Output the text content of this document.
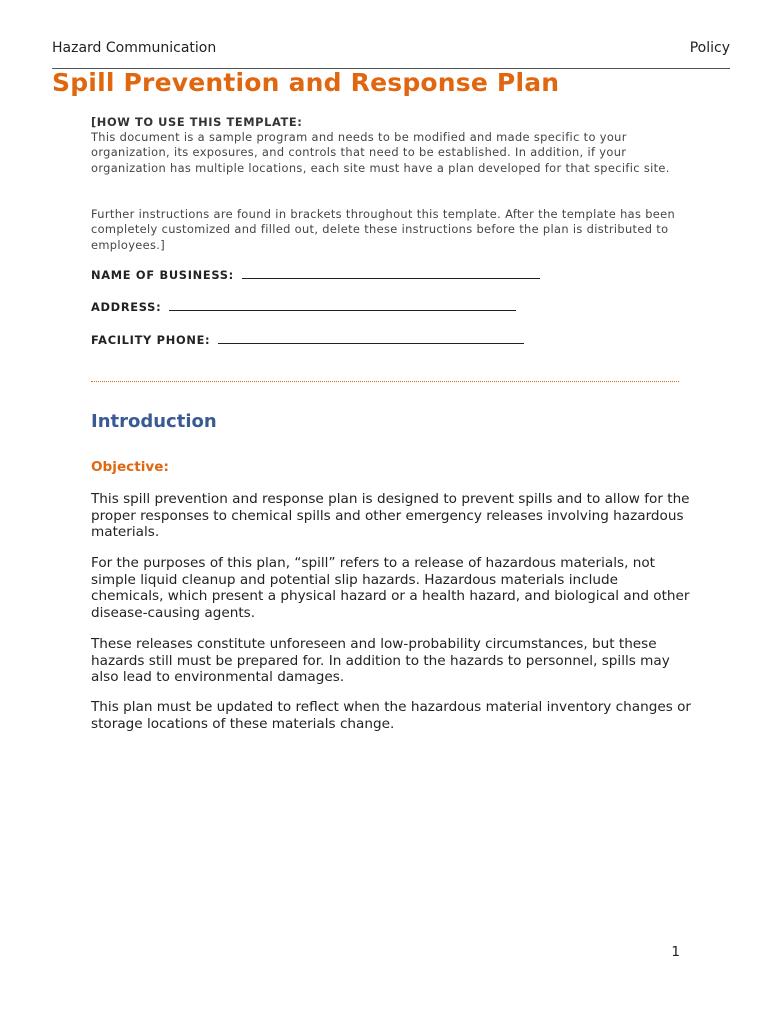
Hazard Communication	Policy
Spill Prevention and Response Plan
[HOW TO USE THIS TEMPLATE:
This document is a sample program and needs to be modified and made specific to your organization, its exposures, and controls that need to be established. In addition, if your organization has multiple locations, each site must have a plan developed for that specific site.
Further instructions are found in brackets throughout this template. After the template has been completely customized and filled out, delete these instructions before the plan is distributed to employees.]
NAME OF BUSINESS:
ADDRESS:
FACILITY PHONE:
Introduction
Objective:
This spill prevention and response plan is designed to prevent spills and to allow for the proper responses to chemical spills and other emergency releases involving hazardous materials.
For the purposes of this plan, “spill” refers to a release of hazardous materials, not simple liquid cleanup and potential slip hazards. Hazardous materials include chemicals, which present a physical hazard or a health hazard, and biological and other disease-causing agents.
These releases constitute unforeseen and low-probability circumstances, but these hazards still must be prepared for. In addition to the hazards to personnel, spills may also lead to environmental damages.
This plan must be updated to reflect when the hazardous material inventory changes or storage locations of these materials change.
1
